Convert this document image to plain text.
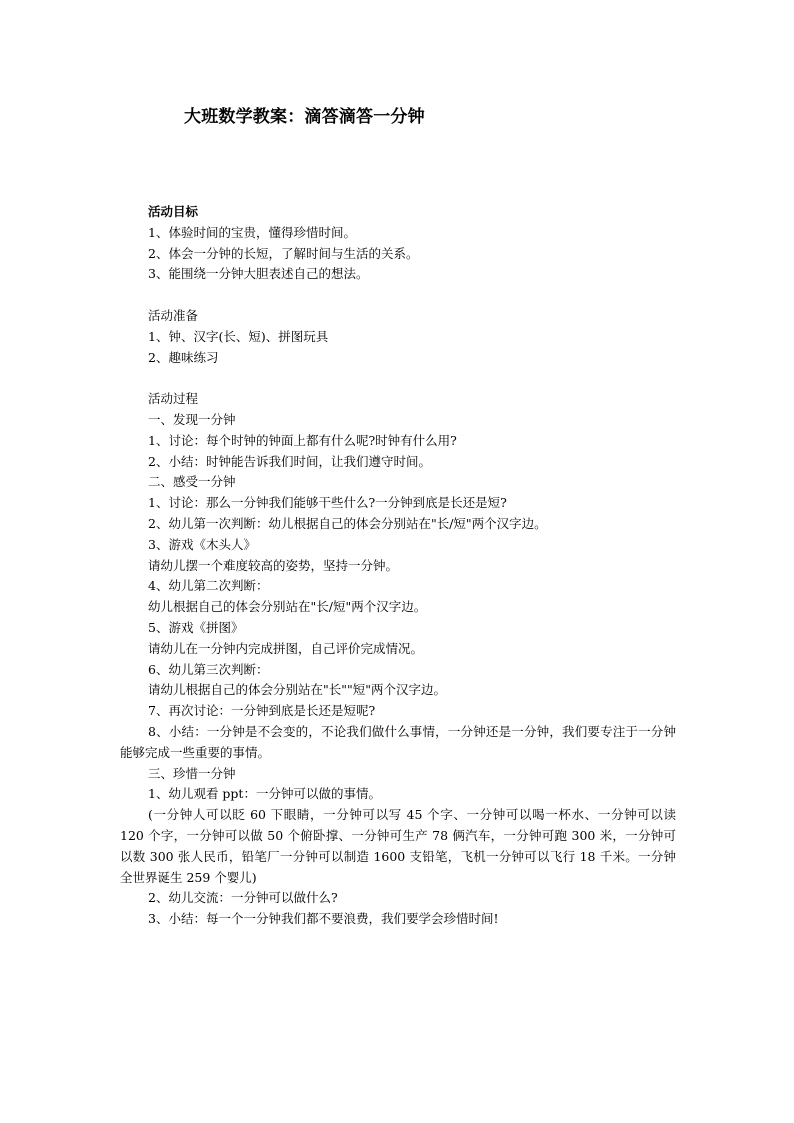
大班数学教案：滴答滴答一分钟
活动目标
1、体验时间的宝贵，懂得珍惜时间。
2、体会一分钟的长短，了解时间与生活的关系。
3、能围绕一分钟大胆表述自己的想法。
活动准备
1、钟、汉字(长、短)、拼图玩具
2、趣味练习
活动过程
一、发现一分钟
1、讨论：每个时钟的钟面上都有什么呢?时钟有什么用?
2、小结：时钟能告诉我们时间，让我们遵守时间。
二、感受一分钟
1、讨论：那么一分钟我们能够干些什么?一分钟到底是长还是短?
2、幼儿第一次判断：幼儿根据自己的体会分别站在"长/短"两个汉字边。
3、游戏《木头人》
请幼儿摆一个难度较高的姿势，坚持一分钟。
4、幼儿第二次判断：
幼儿根据自己的体会分别站在"长/短"两个汉字边。
5、游戏《拼图》
请幼儿在一分钟内完成拼图，自己评价完成情况。
6、幼儿第三次判断：
请幼儿根据自己的体会分别站在"长""短"两个汉字边。
7、再次讨论：一分钟到底是长还是短呢?
8、小结：一分钟是不会变的，不论我们做什么事情，一分钟还是一分钟，我们要专注于一分钟能够完成一些重要的事情。
三、珍惜一分钟
1、幼儿观看 ppt：一分钟可以做的事情。
(一分钟人可以眨 60 下眼睛，一分钟可以写 45 个字、一分钟可以喝一杯水、一分钟可以读 120 个字，一分钟可以做 50 个俯卧撑、一分钟可生产 78 俩汽车，一分钟可跑 300 米，一分钟可以数 300 张人民币，铅笔厂一分钟可以制造 1600 支铅笔，飞机一分钟可以飞行 18 千米。一分钟全世界诞生 259 个婴儿)
2、幼儿交流：一分钟可以做什么?
3、小结：每一个一分钟我们都不要浪费，我们要学会珍惜时间!
